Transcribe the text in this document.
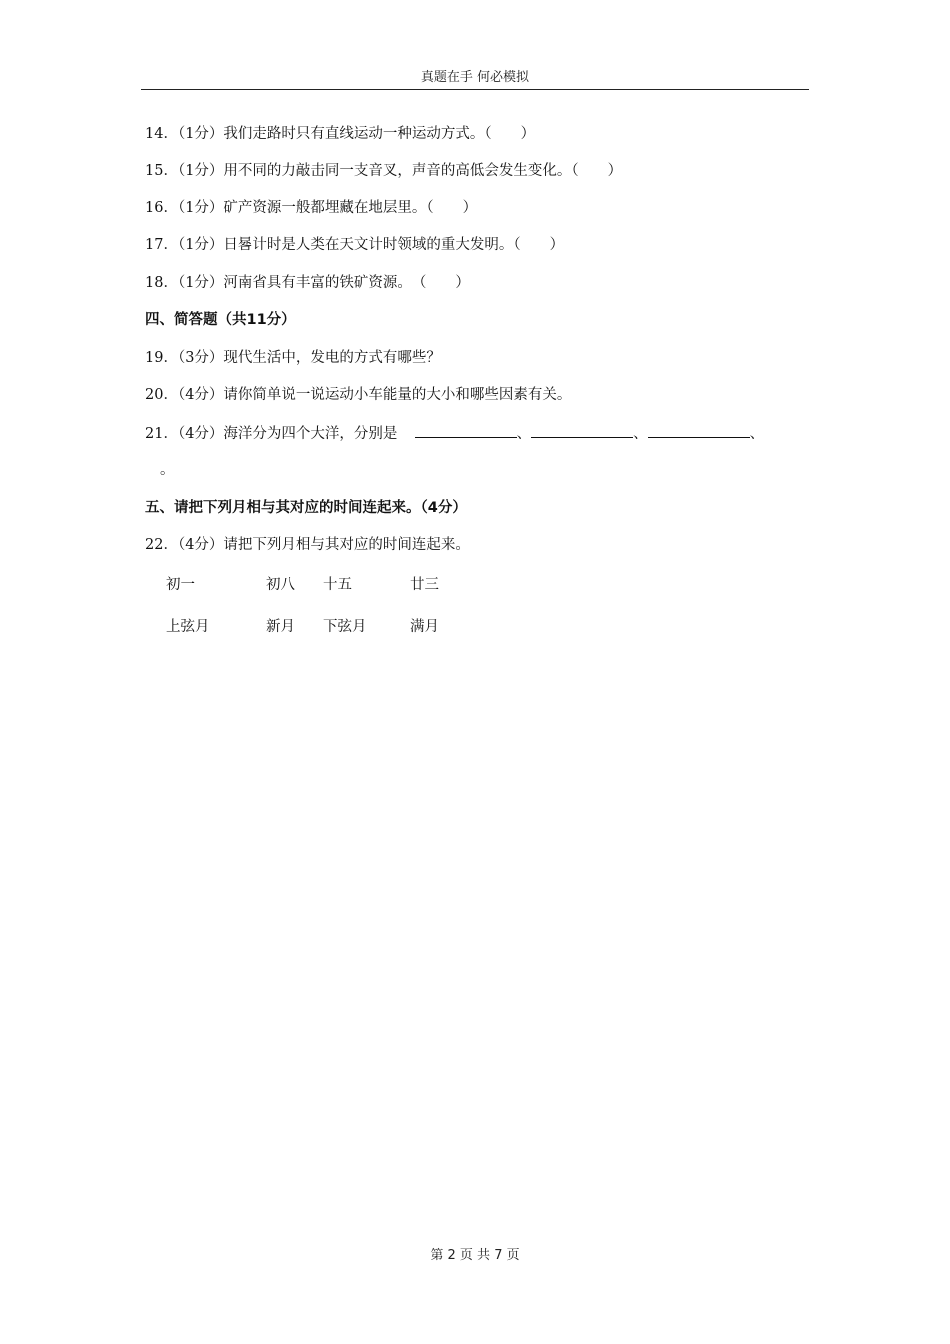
真题在手 何必模拟
14．（1分）我们走路时只有直线运动一种运动方式。（　　）
15．（1分）用不同的力敲击同一支音叉，声音的高低会发生变化。（　　）
16．（1分）矿产资源一般都埋藏在地层里。（　　）
17．（1分）日晷计时是人类在天文计时领域的重大发明。（　　）
18．（1分）河南省具有丰富的铁矿资源。　（　　）
四、简答题（共11分）
19．（3分）现代生活中，发电的方式有哪些？
20．（4分）请你简单说一说运动小车能量的大小和哪些因素有关。
21．（4分）海洋分为四个大洋，分别是	、	、	、
。
五、请把下列月相与其对应的时间连起来。（4分）
22．（4分）请把下列月相与其对应的时间连起来。
初一	初八 十五	廿三
上弦月	新月 下弦月	满月
第 2 页 共 7 页
